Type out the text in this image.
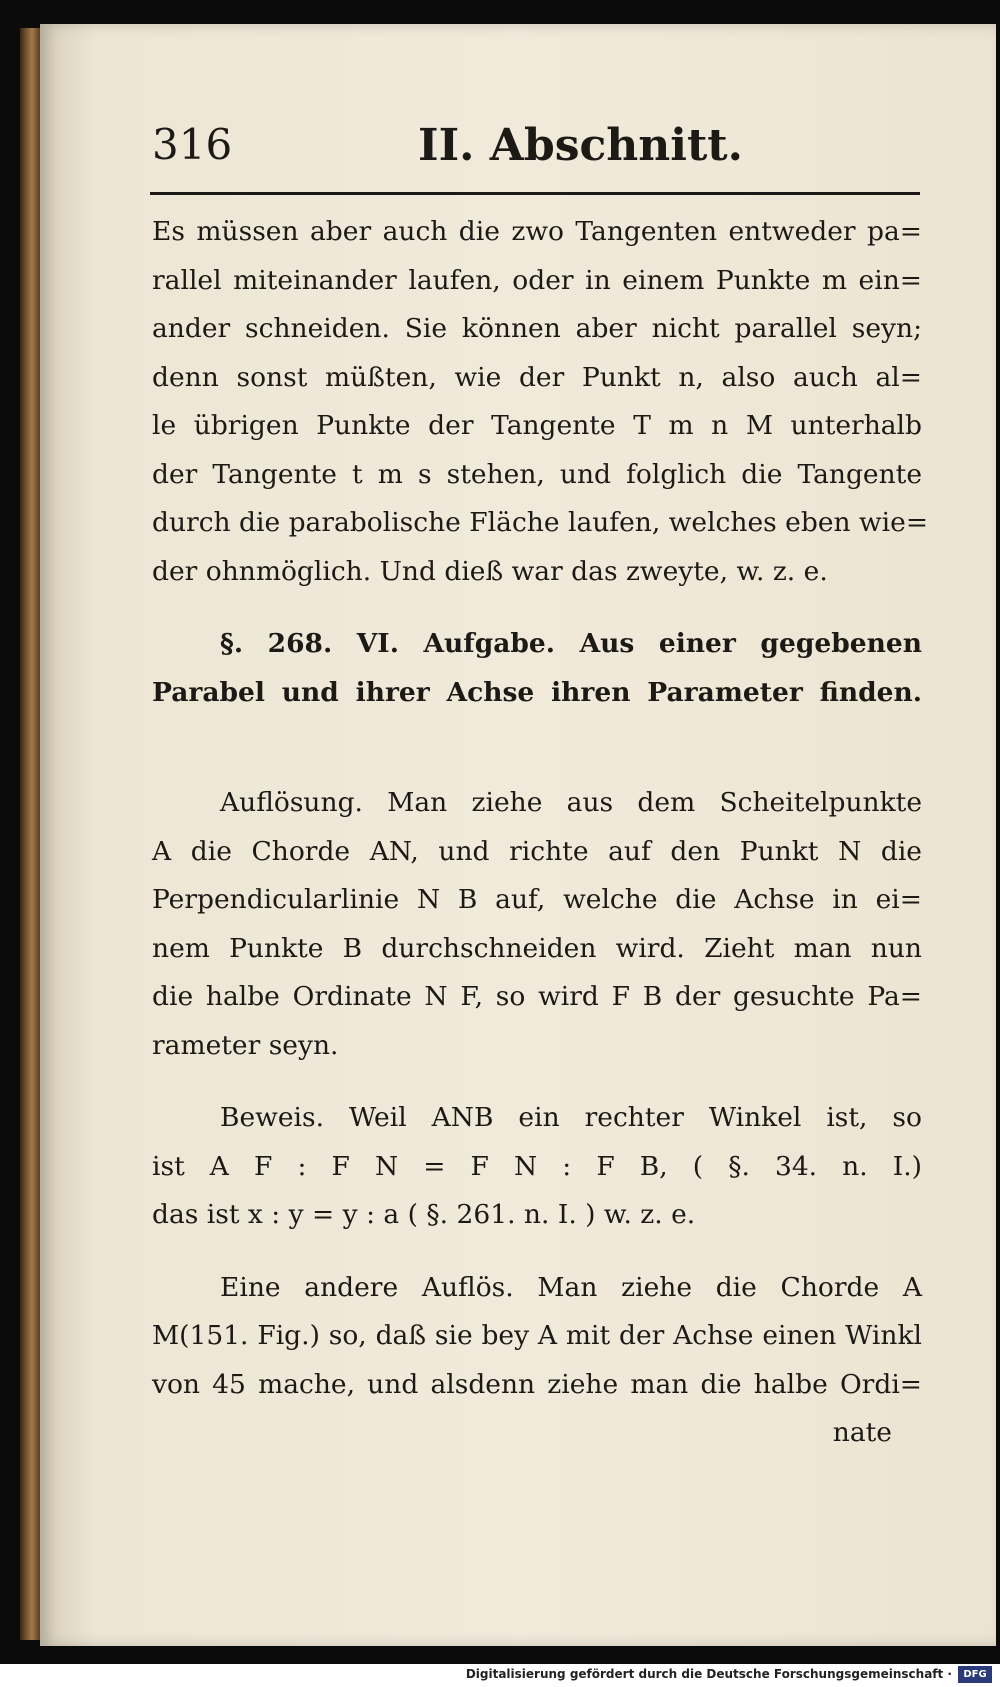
316	II. Abschnitt.
Es müssen aber auch die zwo Tangenten entweder pa=
rallel miteinander laufen, oder in einem Punkte m ein=
ander schneiden. Sie können aber nicht parallel seyn;
denn sonst müßten, wie der Punkt n, also auch al=
le übrigen Punkte der Tangente T m n M unterhalb
der Tangente t m s stehen, und folglich die Tangente
durch die parabolische Fläche laufen, welches eben wie=
der ohnmöglich. Und dieß war das zweyte, w. z. e.
§. 268. VI. Aufgabe. Aus einer gegebenen
Parabel und ihrer Achse ihren Parameter finden.
Auflösung. Man ziehe aus dem Scheitelpunkte
A die Chorde AN, und richte auf den Punkt N die
Perpendicularlinie N B auf, welche die Achse in ei=
nem Punkte B durchschneiden wird. Zieht man nun
die halbe Ordinate N F, so wird F B der gesuchte Pa=
rameter seyn.
Beweis. Weil ANB ein rechter Winkel ist, so
ist A F : F N = F N : F B, ( §. 34. n. I.)
das ist x : y = y : a ( §. 261. n. I. ) w. z. e.
Eine andere Auflös. Man ziehe die Chorde A
M(151. Fig.) so, daß sie bey A mit der Achse einen Winkl
von 45 mache, und alsdenn ziehe man die halbe Ordi=
nate
Digitalisierung gefördert durch die Deutsche Forschungsgemeinschaft ·	DFG
